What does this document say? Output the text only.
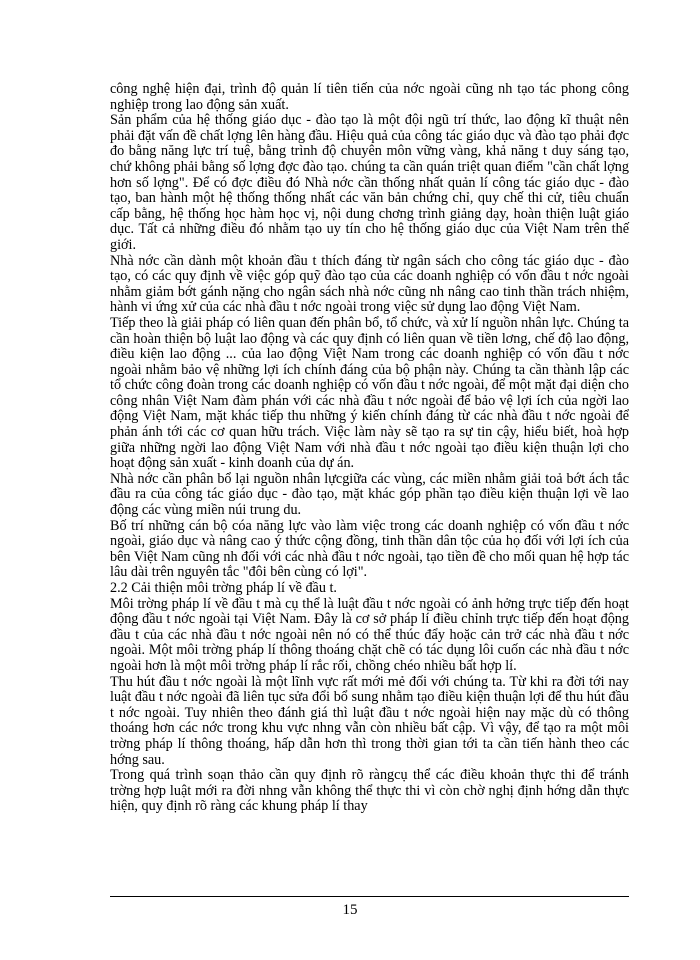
công nghệ hiện đại, trình độ quản lí tiên tiến của nớc ngoài cũng nh tạo tác phong công nghiệp trong lao động sản xuất.

Sản phẩm của hệ thống giáo dục - đào tạo là một đội ngũ trí thức, lao động kĩ thuật nên phải đặt vấn đề chất lợng lên hàng đầu. Hiệu quả của công tác giáo dục và đào tạo phải đợc đo bằng năng lực trí tuệ, bằng trình độ chuyên môn vững vàng, khả năng t duy sáng tạo, chứ không phải bằng số lợng đợc đào tạo. chúng ta cần quán triệt quan điểm "cần chất lợng hơn số lợng". Để có đợc điều đó Nhà nớc cần thống nhất quản lí công tác giáo dục - đào tạo, ban hành một hệ thống thống nhất các văn bản chứng chỉ, quy chế thi cử, tiêu chuẩn cấp bằng, hệ thống học hàm học vị, nội dung chơng trình giảng dạy, hoàn thiện luật giáo dục. Tất cả những điều đó nhằm tạo uy tín cho hệ thống giáo dục của Việt Nam trên thế giới.

Nhà nớc cần dành một khoản đầu t thích đáng từ ngân sách cho công tác giáo dục - đào tạo, có các quy định về việc góp quỹ đào tạo của các doanh nghiệp có vốn đầu t nớc ngoài nhằm giảm bớt gánh nặng cho ngân sách nhà nớc cũng nh nâng cao tinh thần trách nhiệm, hành vi ứng xử của các nhà đầu t nớc ngoài trong việc sử dụng lao động Việt Nam.

Tiếp theo là giải pháp có liên quan đến phân bổ, tổ chức, và xử lí nguồn nhân lực. Chúng ta cần hoàn thiện bộ luật lao động và các quy định có liên quan về tiền lơng, chế độ lao động, điều kiện lao động ... của lao động Việt Nam trong các doanh nghiệp có vốn đầu t nớc ngoài nhằm bảo vệ những lợi ích chính đáng của bộ phận này. Chúng ta cần thành lập các tổ chức công đoàn trong các doanh nghiệp có vốn đầu t nớc ngoài, để một mặt đại diện cho công nhân Việt Nam đàm phán với các nhà đầu t nớc ngoài để bảo vệ lợi ích của ngời lao động Việt Nam, mặt khác tiếp thu những ý kiến chính đáng từ các nhà đầu t nớc ngoài để phản ánh tới các cơ quan hữu trách. Việc làm này sẽ tạo ra sự tin cậy, hiểu biết, hoà hợp giữa những ngời lao động Việt Nam với nhà đầu t nớc ngoài tạo điều kiện thuận lợi cho hoạt động sản xuất - kinh doanh của dự án.

Nhà nớc cần phân bổ lại nguồn nhân lựcgiữa các vùng, các miền nhằm giải toả bớt ách tắc đầu ra của công tác giáo dục - đào tạo, mặt khác góp phần tạo điều kiện thuận lợi về lao động các vùng miền núi trung du.

Bố trí những cán bộ cóa năng lực vào làm việc trong các doanh nghiệp có vốn đầu t nớc ngoài, giáo dục và nâng cao ý thức cộng đồng, tinh thần dân tộc của họ đối với lợi ích của bên Việt Nam cũng nh đối với các nhà đầu t nớc ngoài, tạo tiền đề cho mối quan hệ hợp tác lâu dài trên nguyên tắc "đôi bên cùng có lợi".

2.2 Cải thiện môi trờng pháp lí về đầu t.

Môi trờng pháp lí về đầu t mà cụ thể là luật đầu t nớc ngoài có ảnh hởng trực tiếp đến hoạt động đầu t nớc ngoài tại Việt Nam. Đây là cơ sở pháp lí điều chỉnh trực tiếp đến hoạt động đầu t của các nhà đầu t nớc ngoài nên nó có thể thúc đẩy hoặc cản trở các nhà đầu t nớc ngoài. Một môi trờng pháp lí thông thoáng chặt chẽ có tác dụng lôi cuốn các nhà đầu t nớc ngoài hơn là một môi trờng pháp lí rắc rối, chồng chéo nhiều bất hợp lí.

Thu hút đầu t nớc ngoài là một lĩnh vực rất mới mẻ đối với chúng ta. Từ khi ra đời tới nay luật đầu t nớc ngoài đã liên tục sửa đổi bổ sung nhằm tạo điều kiện thuận lợi để thu hút đầu t nớc ngoài. Tuy nhiên theo đánh giá thì luật đầu t nớc ngoài hiện nay mặc dù có thông thoáng hơn các nớc trong khu vực nhng vẫn còn nhiều bất cập. Vì vậy, để tạo ra một môi trờng pháp lí thông thoáng, hấp dẫn hơn thì trong thời gian tới ta cần tiến hành theo các hớng sau.

Trong quá trình soạn thảo cần quy định rõ ràngcụ thể các điều khoản thực thi để tránh trờng hợp luật mới ra đời nhng vẫn không thể thực thi vì còn chờ nghị định hớng dẫn thực hiện, quy định rõ ràng các khung pháp lí thay

15
